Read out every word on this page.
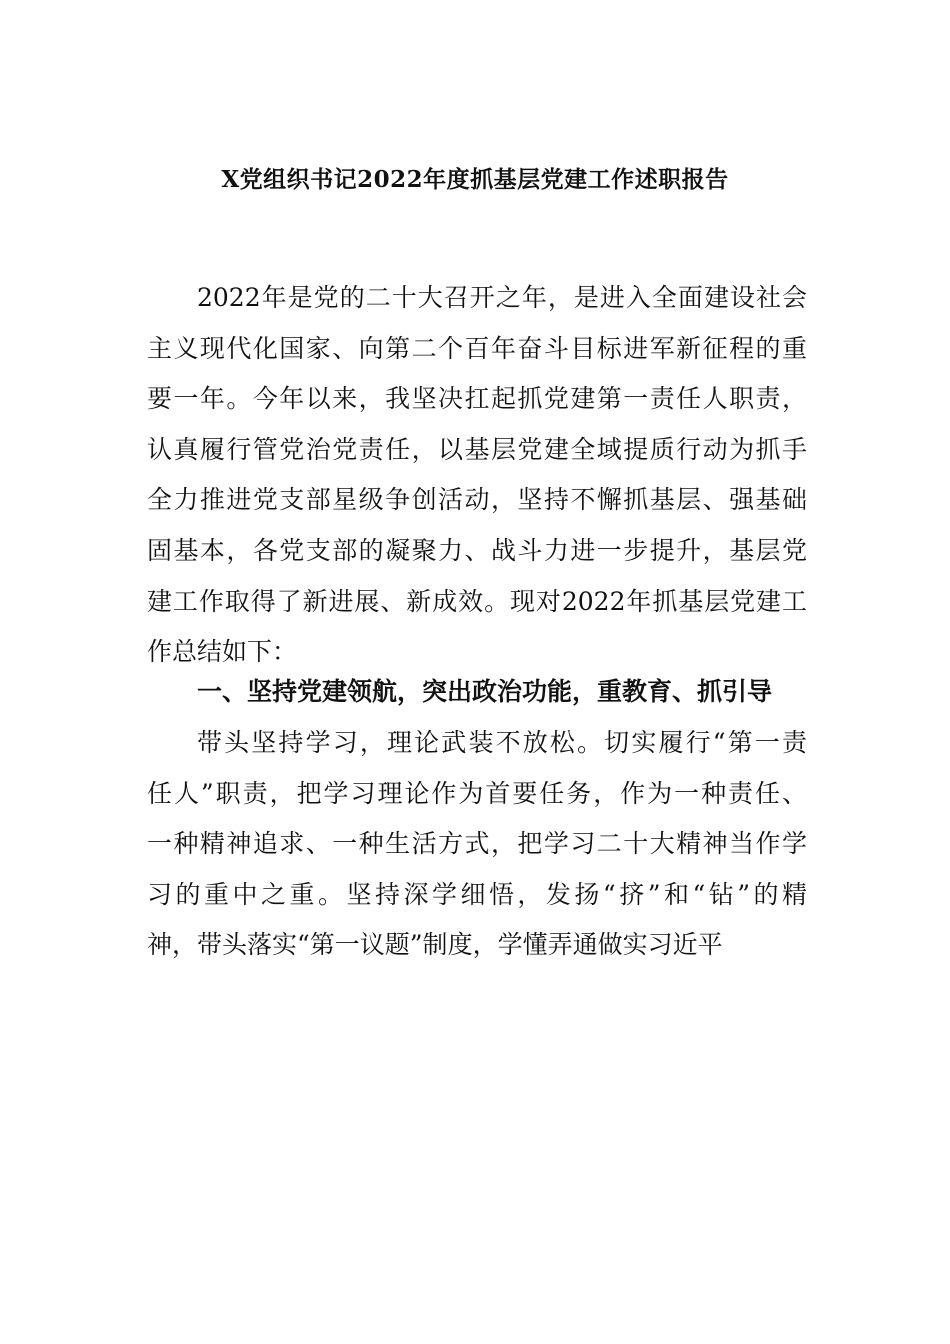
X党组织书记2022年度抓基层党建工作述职报告
2022年是党的二十大召开之年，是进入全面建设社会
主义现代化国家、向第二个百年奋斗目标进军新征程的重
要一年。今年以来，我坚决扛起抓党建第一责任人职责，
认真履行管党治党责任，以基层党建全域提质行动为抓手
全力推进党支部星级争创活动，坚持不懈抓基层、强基础
固基本，各党支部的凝聚力、战斗力进一步提升，基层党
建工作取得了新进展、新成效。现对2022年抓基层党建工
作总结如下：
一、坚持党建领航，突出政治功能，重教育、抓引导
带头坚持学习，理论武装不放松。切实履行“第一责
任人”职责，把学习理论作为首要任务，作为一种责任、
一种精神追求、一种生活方式，把学习二十大精神当作学
习的重中之重。坚持深学细悟，发扬“挤”和“钻”的精
神，带头落实“第一议题”制度，学懂弄通做实习近平
